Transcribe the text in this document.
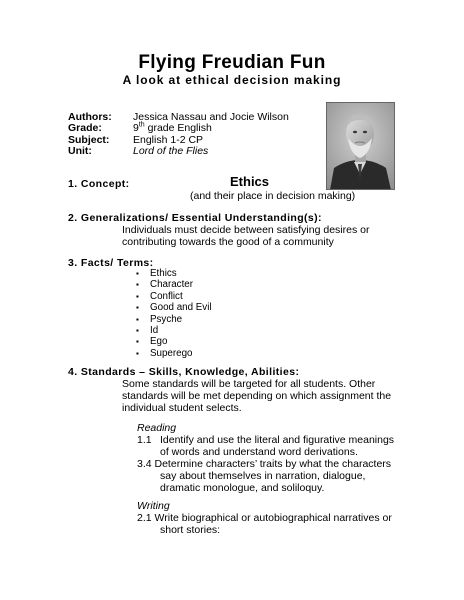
Flying Freudian Fun
A look at ethical decision making
Authors: Jessica Nassau and Jocie Wilson
Grade:	9th grade English
Subject: English 1-2 CP
Unit:	Lord of the Flies
1. Concept:	Ethics
(and their place in decision making)
2. Generalizations/ Essential Understanding(s):
Individuals must decide between satisfying desires or
contributing towards the good of a community
3. Facts/ Terms:
▪ Ethics
▪ Character
▪ Conflict
▪ Good and Evil
▪ Psyche
▪ Id
▪ Ego
▪ Superego
4. Standards – Skills, Knowledge, Abilities:
Some standards will be targeted for all students. Other
standards will be met depending on which assignment the
individual student selects.
Reading
1.1 Identify and use the literal and figurative meanings
of words and understand word derivations.
3.4 Determine characters’ traits by what the characters
say about themselves in narration, dialogue,
dramatic monologue, and soliloquy.
Writing
2.1 Write biographical or autobiographical narratives or
short stories:
